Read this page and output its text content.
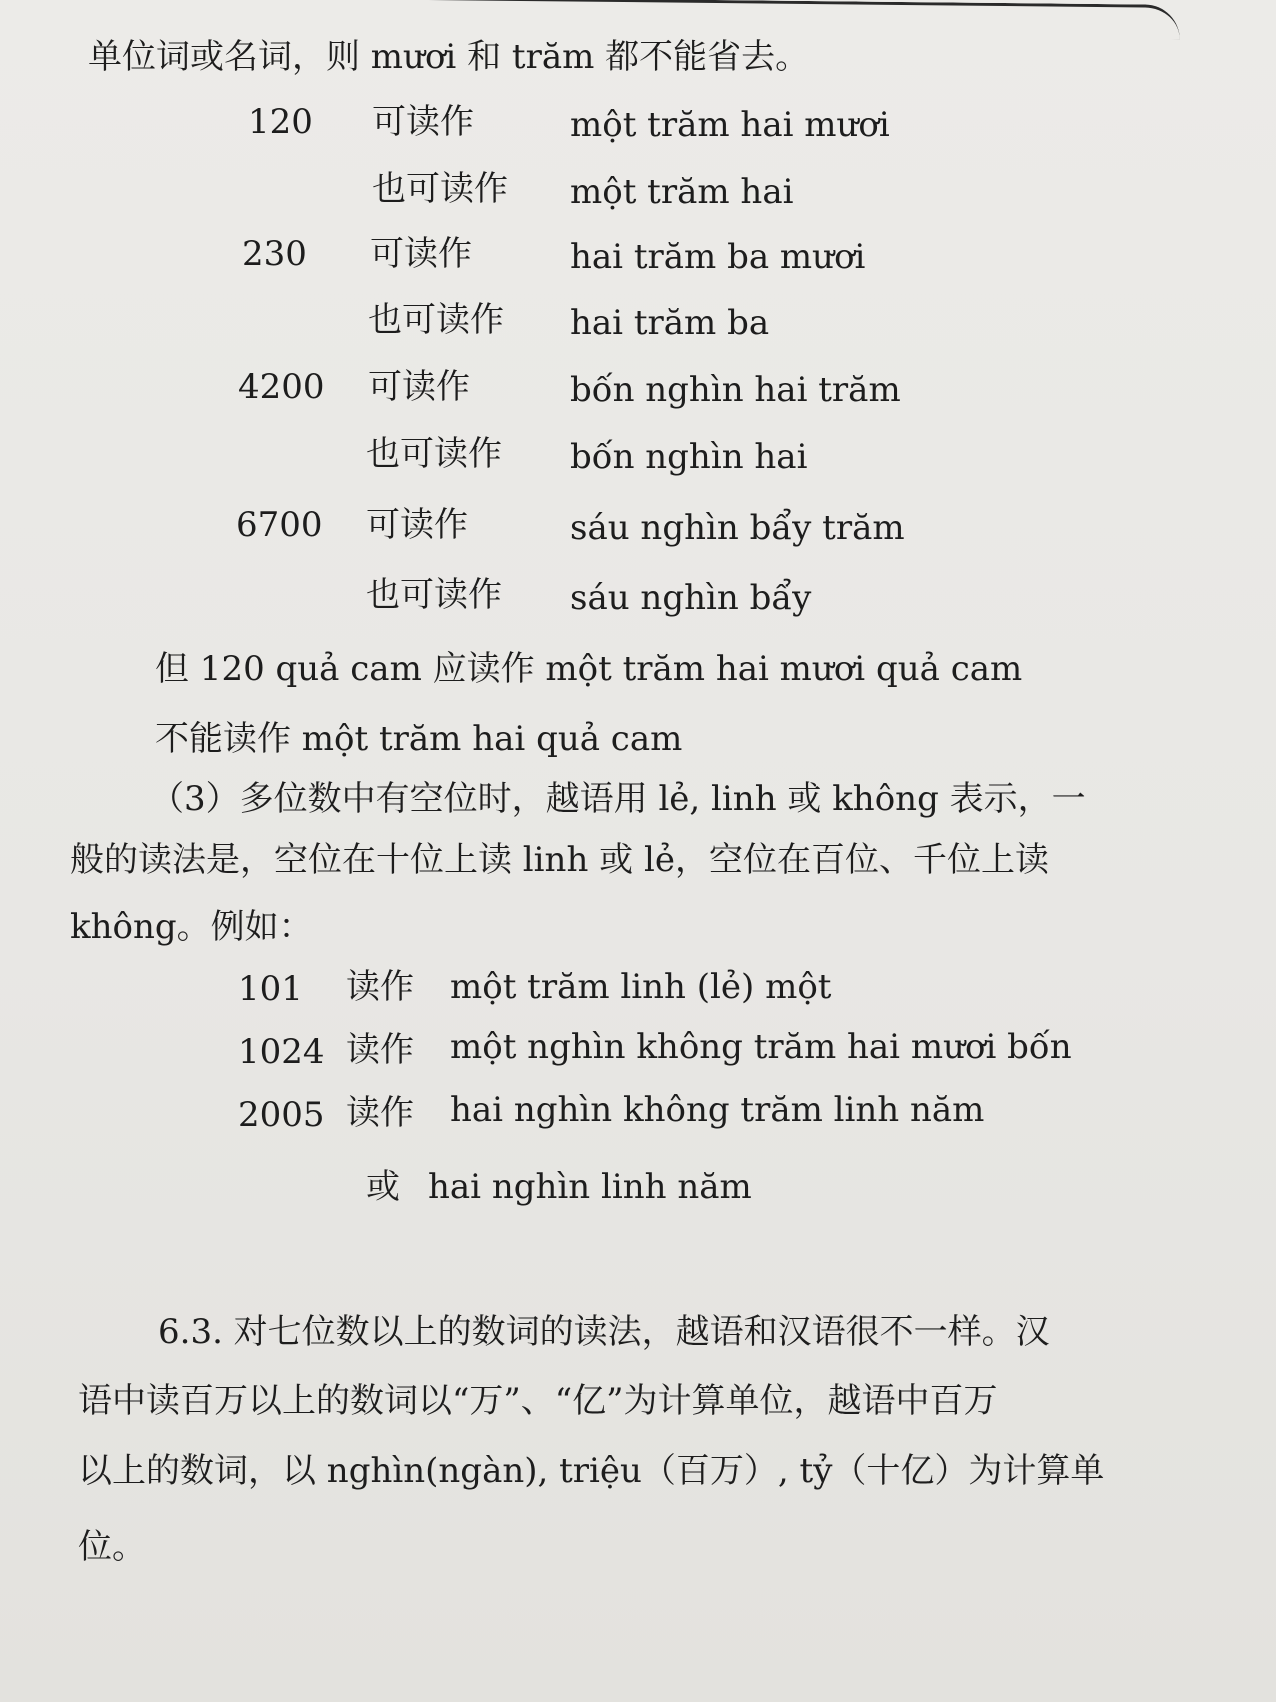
单位词或名词，则 mươi 和 trăm 都不能省去。
120	可读作	một trăm hai mươi
也可读作 một trăm hai
230	可读作	hai trăm ba mươi
也可读作 hai trăm ba
4200	可读作	bốn nghìn hai trăm
也可读作 bốn nghìn hai
6700	可读作	sáu nghìn bẩy trăm
也可读作 sáu nghìn bẩy
但 120 quả cam 应读作 một trăm hai mươi quả cam
不能读作 một trăm hai quả cam
（3）多位数中有空位时，越语用 lẻ, linh 或 không 表示，一
般的读法是，空位在十位上读 linh 或 lẻ，空位在百位、千位上读
không。例如：
101	读作 một trăm linh (lẻ) một
1024 读作 một nghìn không trăm hai mươi bốn
2005 读作 hai nghìn không trăm linh năm
或 hai nghìn linh năm
6.3. 对七位数以上的数词的读法，越语和汉语很不一样。汉
语中读百万以上的数词以“万”、“亿”为计算单位，越语中百万
以上的数词，以 nghìn(ngàn), triệu（百万）, tỷ（十亿）为计算单
位。
